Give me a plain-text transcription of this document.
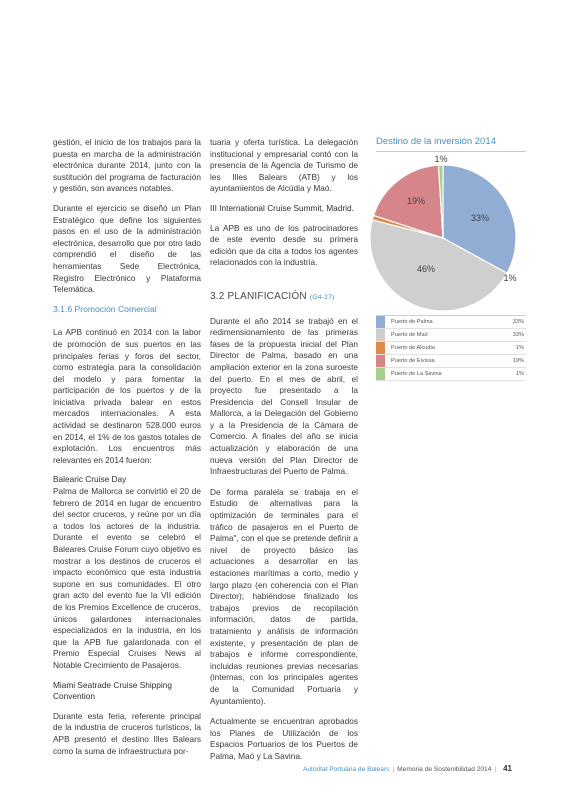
gestión, el inicio de los trabajos para la puesta en marcha de la administración electrónica durante 2014, junto con la sustitución del programa de facturación y gestión, son avances notables.

Durante el ejercicio se diseñó un Plan Estratégico que define los siguientes pasos en el uso de la administración electrónica, desarrollo que por otro lado comprendió el diseño de las herramientas Sede Electrónica, Registro Electrónico y Plataforma Telemática.

3.1.6 Promoción Comercial

La APB continuó en 2014 con la labor de promoción de sus puertos en las principales ferias y foros del sector, como estrategia para la consolidación del modelo y para fomentar la participación de los puertos y de la iniciativa privada balear en estos mercados internacionales. A esta actividad se destinaron 528.000 euros en 2014, el 1% de los gastos totales de explotación. Los encuentros más relevantes en 2014 fueron:

Balearic Cruise Day

Palma de Mallorca se convirtió el 20 de febrero de 2014 en lugar de encuentro del sector cruceros, y reúne por un día a todos los actores de la industria. Durante el evento se celebró el Baleares Cruise Forum cuyo objetivo es mostrar a los destinos de cruceros el impacto económico que esta industria supone en sus comunidades. El otro gran acto del evento fue la VII edición de los Premios Excellence de cruceros, únicos galardones internacionales especializados en la industria, en los que la APB fue galardonada con el Premio Especial Cruises News al Notable Crecimiento de Pasajeros.

Miami Seatrade Cruise Shipping Convention

Durante esta feria, referente principal de la industria de cruceros turísticos, la APB presentó el destino Illes Balears como la suma de infraestructura por-

tuaria y oferta turística. La delegación institucional y empresarial contó con la presencia de la Agencia de Turismo de les Illes Balears (ATB) y los ayuntamientos de Alcúdia y Maó.

III International Cruise Summit, Madrid.

La APB es uno de los patrocinadores de este evento desde su primera edición que da cita a todos los agentes relacionados con la industria.

3.2 PLANIFICACIÓN (G4-27)

Durante el año 2014 se trabajó en el redimensionamiento de las primeras fases de la propuesta inicial del Plan Director de Palma, basado en una ampliación exterior en la zona suroeste del puerto. En el mes de abril, el proyecto fue presentado a la Presidencia del Consell Insular de Mallorca, a la Delegación del Gobierno y a la Presidencia de la Cámara de Comercio. A finales del año se inicia actualización y elaboración de una nueva versión del Plan Director de Infraestructuras del Puerto de Palma.

De forma paralela se trabaja en el Estudio de alternativas para la optimización de terminales para el tráfico de pasajeros en el Puerto de Palma", con el que se pretende definir a nivel de proyecto básico las actuaciones a desarrollar en las estaciones marítimas a corto, medio y largo plazo (en coherencia con el Plan Director); habiéndose finalizado los trabajos previos de recopilación información, datos de partida, tratamiento y análisis de información existente, y presentación de plan de trabajos e informe correspondiente, incluidas reuniones previas necesarias (internas, con los principales agentes de la Comunidad Portuaria y Ayuntamiento).

Actualmente se encuentran aprobados los Planes de Utilización de los Espacios Portuarios de los Puertos de Palma, Maó y La Savina.

Destino de la inversión 2014
33%
46%
1%
19%
1%
Puerto de Palma	33%
Puerto de Maó	33%
Puerto de Alcudia	1%
Puerto de Eivissa	19%
Puerto de La Savina	1%
Autoritat Portuària de Balears | Memoria de Sostenibilidad 2014 | 41
